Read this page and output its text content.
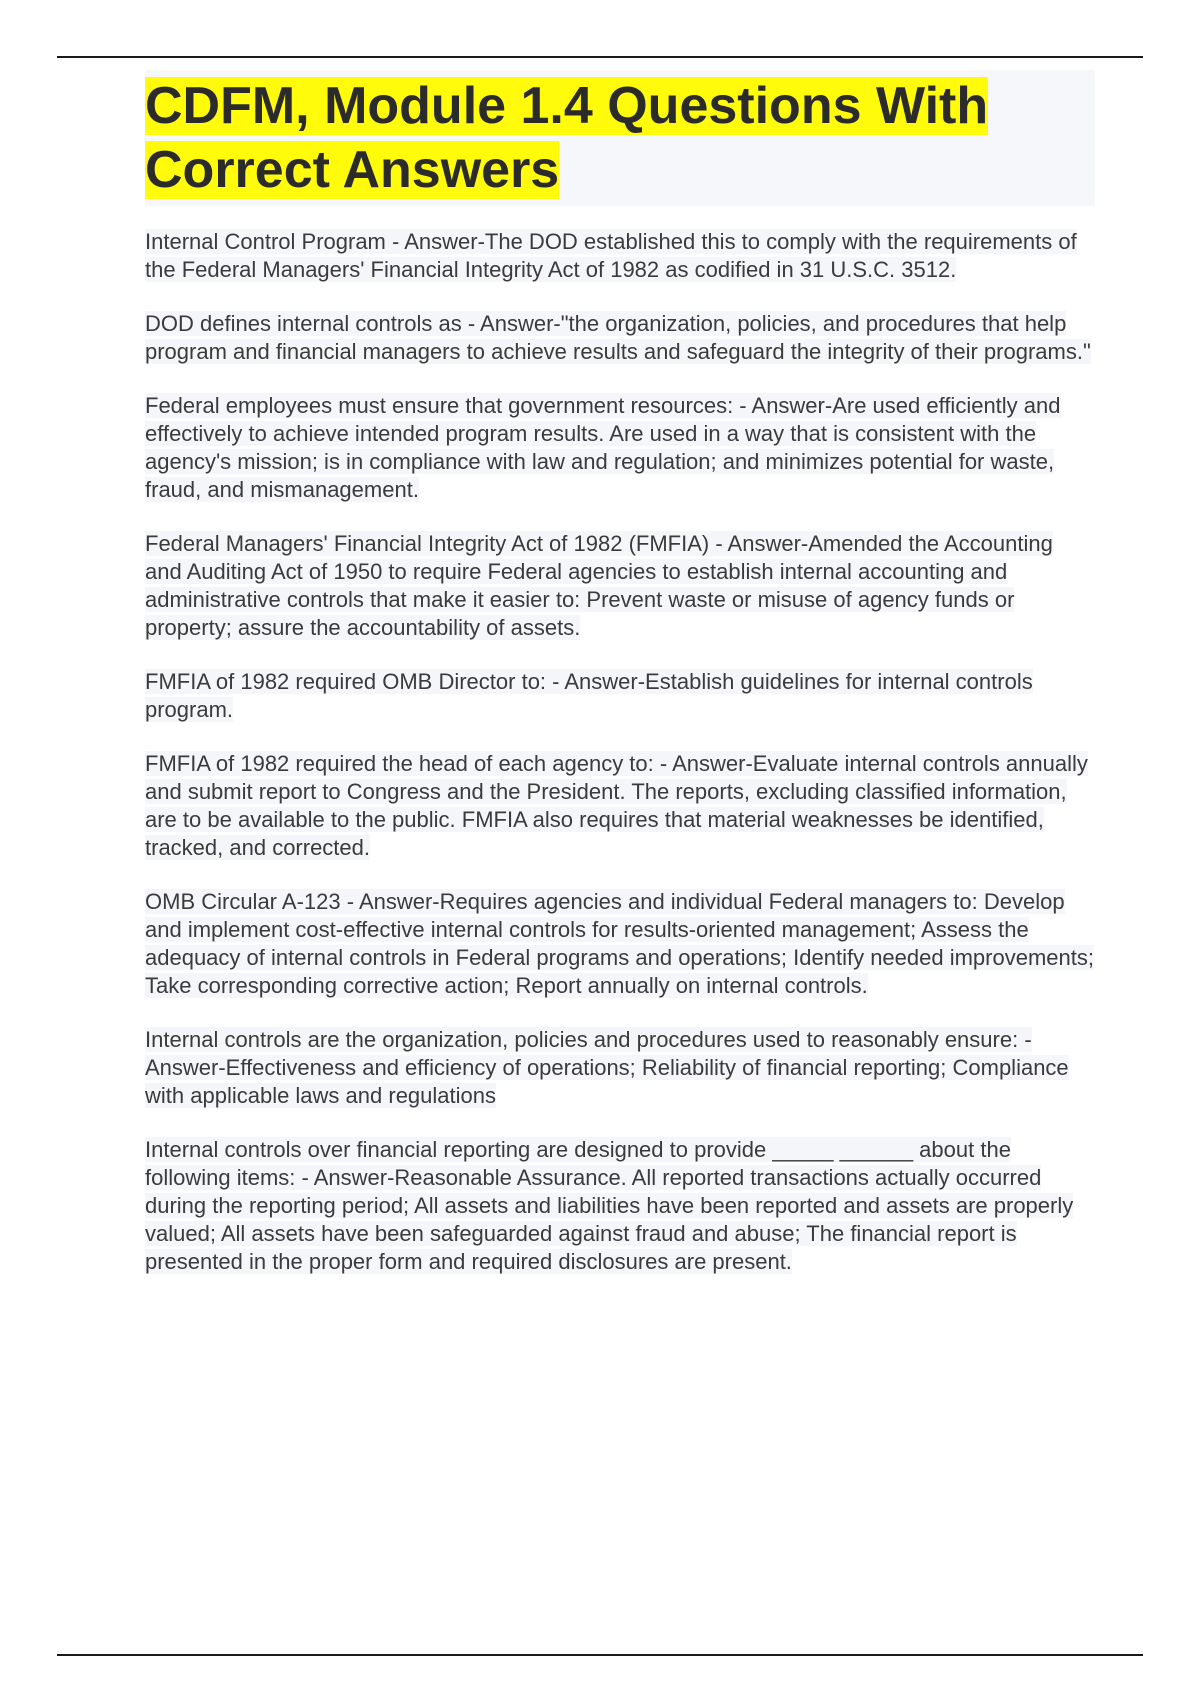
CDFM, Module 1.4 Questions With Correct Answers

Internal Control Program - Answer-The DOD established this to comply with the requirements of the Federal Managers' Financial Integrity Act of 1982 as codified in 31 U.S.C. 3512.

DOD defines internal controls as - Answer-"the organization, policies, and procedures that help program and financial managers to achieve results and safeguard the integrity of their programs."

Federal employees must ensure that government resources: - Answer-Are used efficiently and effectively to achieve intended program results. Are used in a way that is consistent with the agency's mission; is in compliance with law and regulation; and minimizes potential for waste, fraud, and mismanagement.

Federal Managers' Financial Integrity Act of 1982 (FMFIA) - Answer-Amended the Accounting and Auditing Act of 1950 to require Federal agencies to establish internal accounting and administrative controls that make it easier to: Prevent waste or misuse of agency funds or property; assure the accountability of assets.

FMFIA of 1982 required OMB Director to: - Answer-Establish guidelines for internal controls program.

FMFIA of 1982 required the head of each agency to: - Answer-Evaluate internal controls annually and submit report to Congress and the President. The reports, excluding classified information, are to be available to the public. FMFIA also requires that material weaknesses be identified, tracked, and corrected.

OMB Circular A-123 - Answer-Requires agencies and individual Federal managers to: Develop and implement cost-effective internal controls for results-oriented management; Assess the adequacy of internal controls in Federal programs and operations; Identify needed improvements; Take corresponding corrective action; Report annually on internal controls.

Internal controls are the organization, policies and procedures used to reasonably ensure: - Answer-Effectiveness and efficiency of operations; Reliability of financial reporting; Compliance with applicable laws and regulations

Internal controls over financial reporting are designed to provide _____ ______ about the following items: - Answer-Reasonable Assurance. All reported transactions actually occurred during the reporting period; All assets and liabilities have been reported and assets are properly valued; All assets have been safeguarded against fraud and abuse; The financial report is presented in the proper form and required disclosures are present.
